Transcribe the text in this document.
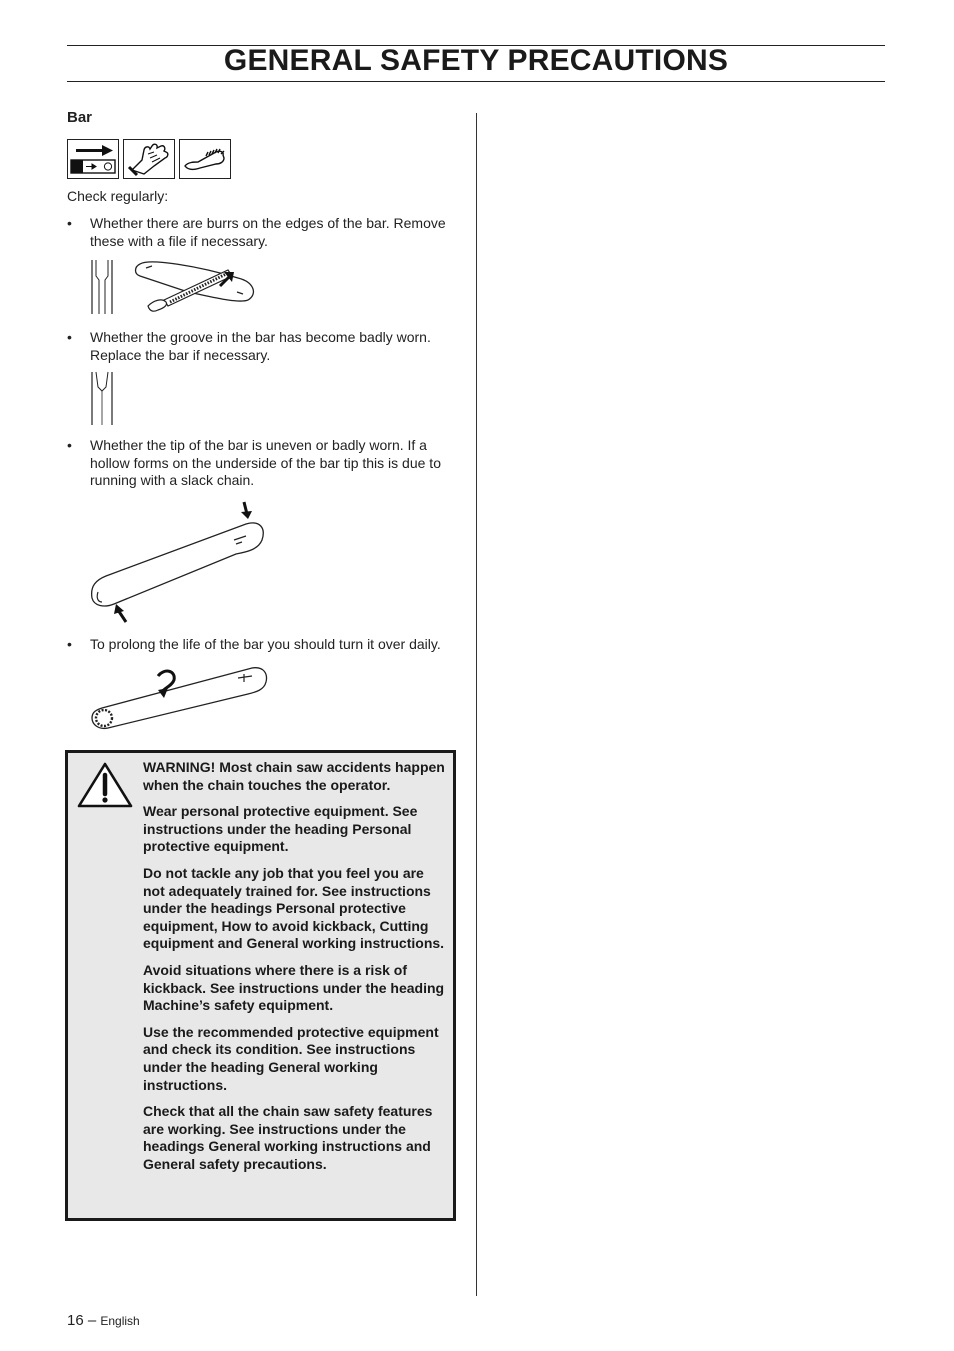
GENERAL SAFETY PRECAUTIONS
Bar
Check regularly:
• Whether there are burrs on the edges of the bar. Remove these with a file if necessary.
• Whether the groove in the bar has become badly worn. Replace the bar if necessary.
• Whether the tip of the bar is uneven or badly worn. If a hollow forms on the underside of the bar tip this is due to running with a slack chain.
• To prolong the life of the bar you should turn it over daily.

WARNING! Most chain saw accidents happen when the chain touches the operator.

Wear personal protective equipment. See instructions under the heading Personal protective equipment.

Do not tackle any job that you feel you are not adequately trained for. See instructions under the headings Personal protective equipment, How to avoid kickback, Cutting equipment and General working instructions.

Avoid situations where there is a risk of kickback. See instructions under the heading Machine’s safety equipment.

Use the recommended protective equipment and check its condition. See instructions under the heading General working instructions.

Check that all the chain saw safety features are working. See instructions under the headings General working instructions and General safety precautions.

16 – English
